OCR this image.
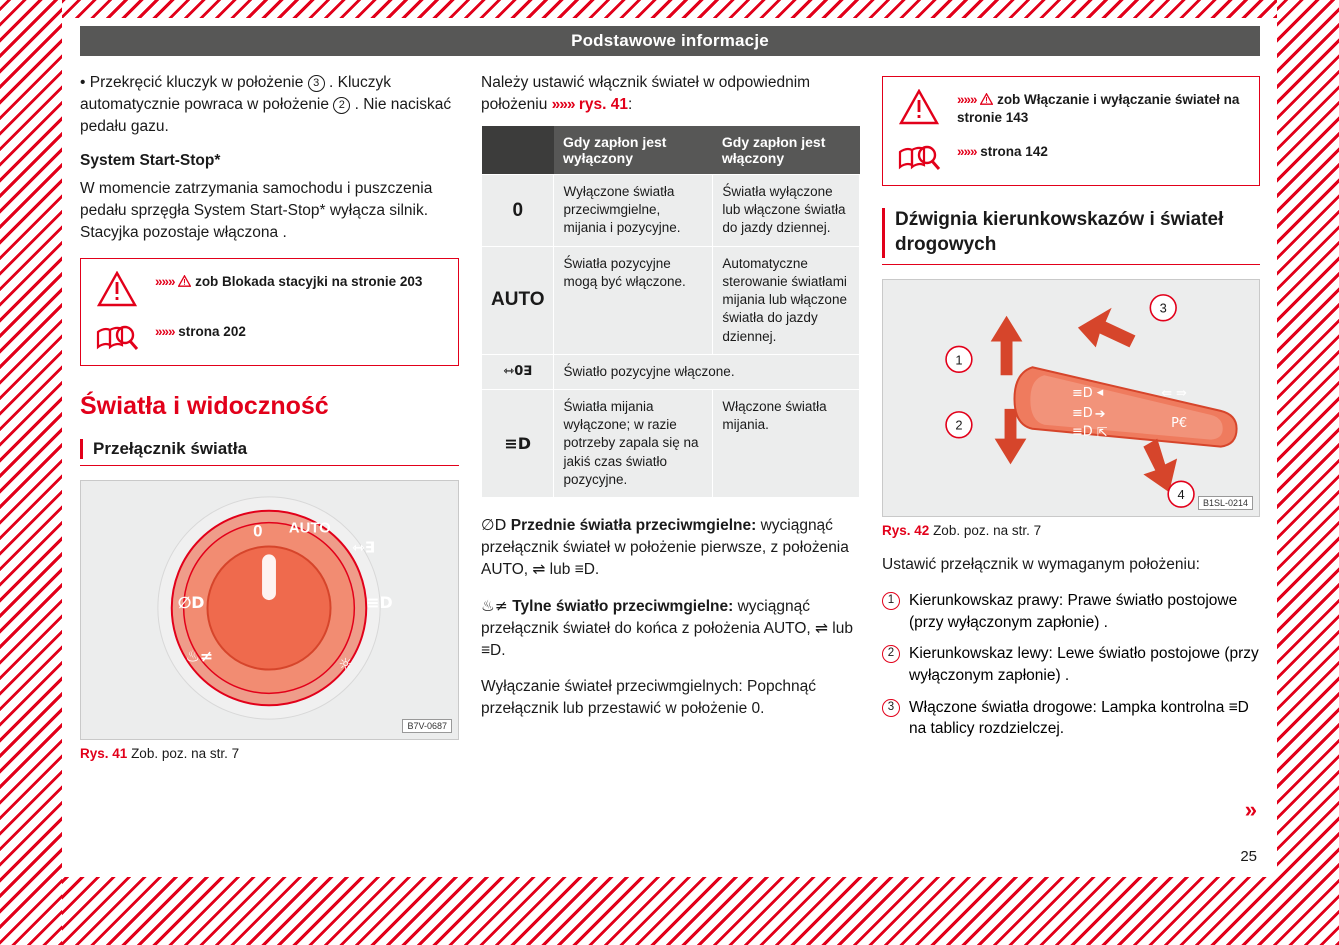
Podstawowe informacje

• Przekręcić kluczyk w położenie 3 . Kluczyk automatycznie powraca w położenie 2 . Nie naciskać pedału gazu.

System Start-Stop*

W momencie zatrzymania samochodu i puszczenia pedału sprzęgła System Start-Stop* wyłącza silnik. Stacyjka pozostaje włączona .

»»» zob Blokada stacyjki na stronie 203
»»» strona 202
Światła i widoczność
Przełącznik światła
0 AUTO
⇿∃
≡D
☼
♨≠
∅D
B7V-0687
Rys. 41 Zob. poz. na str. 7

Należy ustawić włącznik świateł w odpowiednim położeniu »»» rys. 41:

	Gdy zapłon jest wyłączony	Gdy zapłon jest włączony
0	Wyłączone światła przeciwmgielne, mijania i pozycyjne.	Światła wyłączone lub włączone światła do jazdy dziennej.
AUTO	Światła pozycyjne mogą być włączone.	Automatyczne sterowanie światłami mijania lub włączone światła do jazdy dziennej.
⇿0∃	Światło pozycyjne włączone.	
≡D	Światła mijania wyłączone; w razie potrzeby zapala się na jakiś czas światło pozycyjne.	Włączone światła mijania.

∅D Przednie światła przeciwmgielne: wyciągnąć przełącznik świateł w położenie pierwsze, z położenia AUTO, ⇌ lub ≡D.

♨≠ Tylne światło przeciwmgielne: wyciągnąć przełącznik świateł do końca z położenia AUTO, ⇌ lub ≡D.

Wyłączanie świateł przeciwmgielnych: Popchnąć przełącznik lub przestawić w położenie 0.

»»» zob Włączanie i wyłączanie świateł na stronie 143
»»» strona 142
Dźwignia kierunkowskazów i świateł drogowych
≡D ◂
≡D ➔
≡D ⇱
⇚ ⇛
P€
1
2
3
4
B1SL-0214
Rys. 42 Zob. poz. na str. 7

Ustawić przełącznik w wymaganym położeniu:

1 Kierunkowskaz prawy: Prawe światło postojowe (przy wyłączonym zapłonie) .
2 Kierunkowskaz lewy: Lewe światło postojowe (przy wyłączonym zapłonie) .
3 Włączone światła drogowe: Lampka kontrolna ≡D na tablicy rozdzielczej.
»
25
